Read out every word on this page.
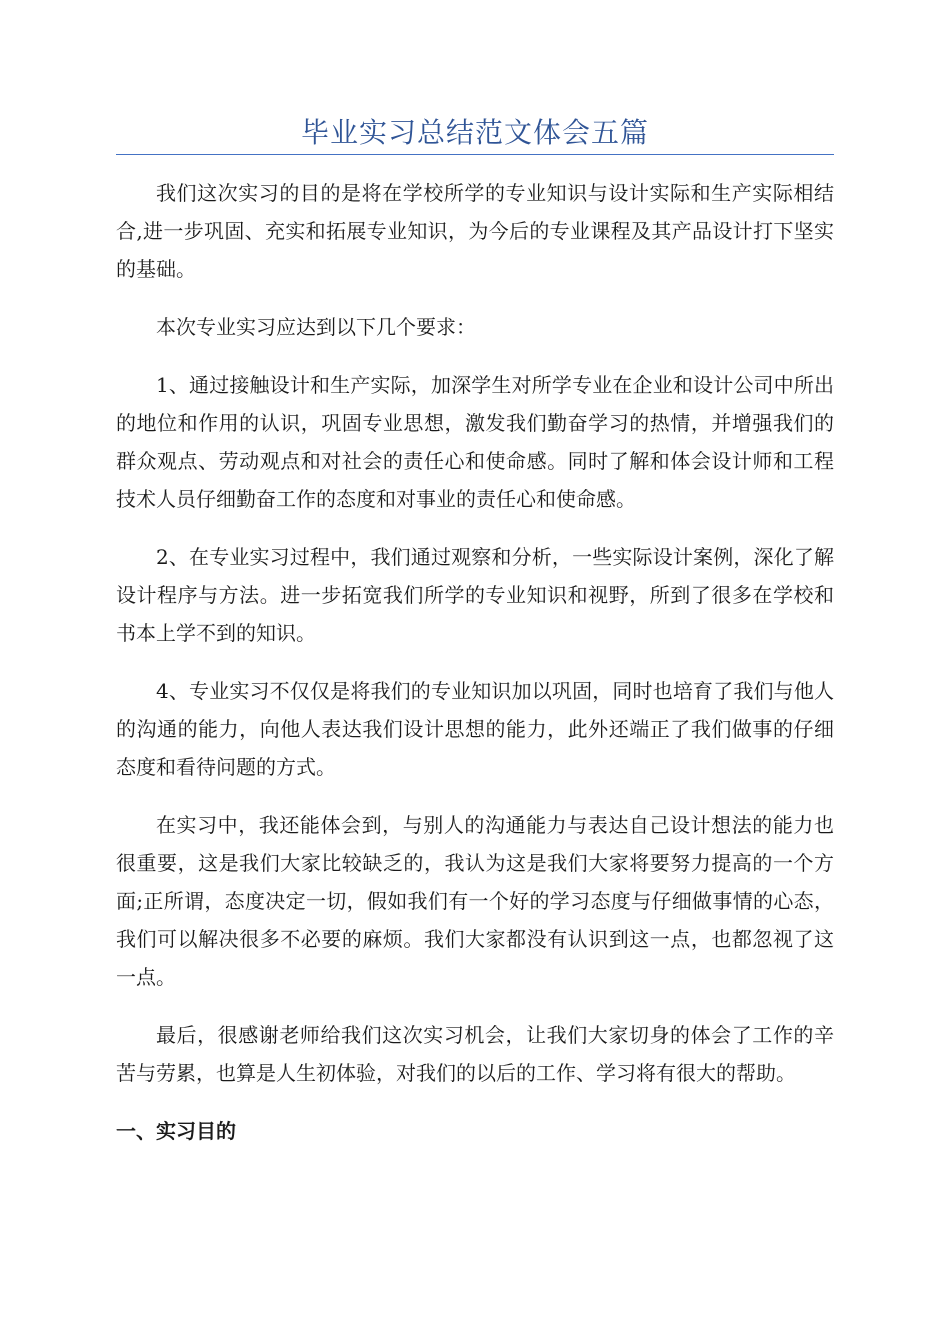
毕业实习总结范文体会五篇

我们这次实习的目的是将在学校所学的专业知识与设计实际和生产实际相结合,进一步巩固、充实和拓展专业知识，为今后的专业课程及其产品设计打下坚实的基础。

本次专业实习应达到以下几个要求：

1、通过接触设计和生产实际，加深学生对所学专业在企业和设计公司中所出的地位和作用的认识，巩固专业思想，激发我们勤奋学习的热情，并增强我们的群众观点、劳动观点和对社会的责任心和使命感。同时了解和体会设计师和工程技术人员仔细勤奋工作的态度和对事业的责任心和使命感。

2、在专业实习过程中，我们通过观察和分析，一些实际设计案例，深化了解设计程序与方法。进一步拓宽我们所学的专业知识和视野，所到了很多在学校和书本上学不到的知识。

4、专业实习不仅仅是将我们的专业知识加以巩固，同时也培育了我们与他人的沟通的能力，向他人表达我们设计思想的能力，此外还端正了我们做事的仔细态度和看待问题的方式。

在实习中，我还能体会到，与别人的沟通能力与表达自己设计想法的能力也很重要，这是我们大家比较缺乏的，我认为这是我们大家将要努力提高的一个方面;正所谓，态度决定一切，假如我们有一个好的学习态度与仔细做事情的心态，我们可以解决很多不必要的麻烦。我们大家都没有认识到这一点，也都忽视了这一点。

最后，很感谢老师给我们这次实习机会，让我们大家切身的体会了工作的辛苦与劳累，也算是人生初体验，对我们的以后的工作、学习将有很大的帮助。

一、实习目的
